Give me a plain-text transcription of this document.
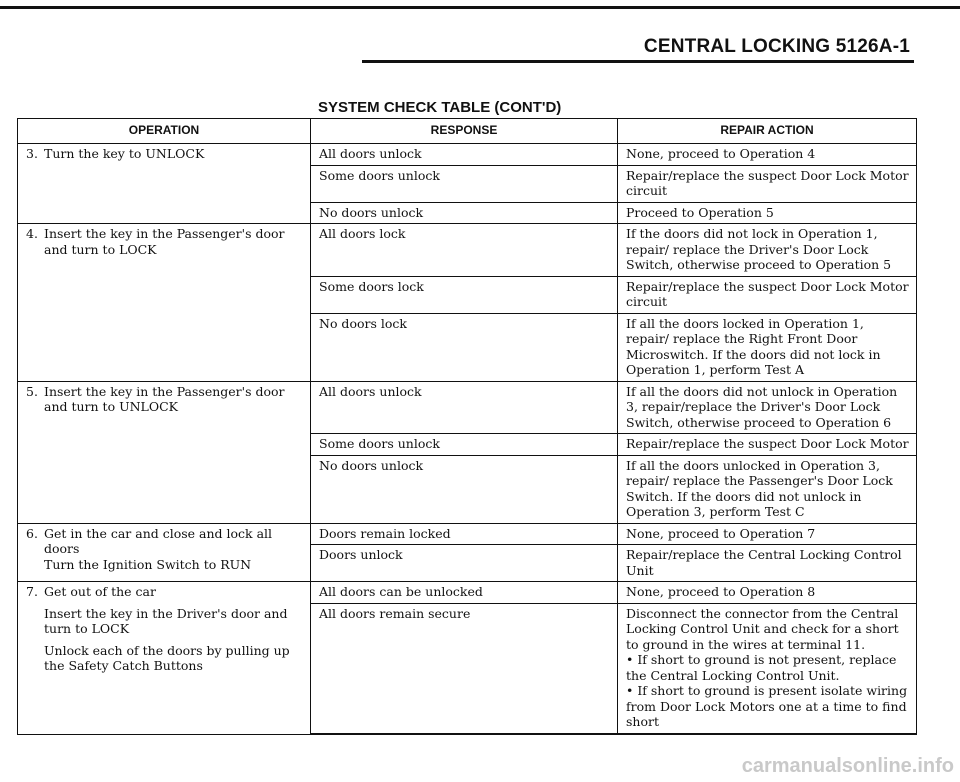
CENTRAL LOCKING 5126A-1
SYSTEM CHECK TABLE (CONT'D)
OPERATION	RESPONSE	REPAIR ACTION

3. Turn the key to UNLOCK	All doors unlock	None, proceed to Operation 4
	Some doors unlock	Repair/replace the suspect Door Lock Motor circuit
	No doors unlock	Proceed to Operation 5

4. Insert the key in the Passenger's door and turn to LOCK	All doors lock	If the doors did not lock in Operation 1, repair/ replace the Driver's Door Lock Switch, otherwise proceed to Operation 5
	Some doors lock	Repair/replace the suspect Door Lock Motor circuit
	No doors lock	If all the doors locked in Operation 1, repair/ replace the Right Front Door Microswitch. If the doors did not lock in Operation 1, perform Test A

5. Insert the key in the Passenger's door and turn to UNLOCK	All doors unlock	If all the doors did not unlock in Operation 3, repair/replace the Driver's Door Lock Switch, otherwise proceed to Operation 6
	Some doors unlock	Repair/replace the suspect Door Lock Motor
	No doors unlock	If all the doors unlocked in Operation 3, repair/ replace the Passenger's Door Lock Switch. If the doors did not unlock in Operation 3, perform Test C

6. Get in the car and close and lock all doors
Turn the Ignition Switch to RUN	Doors remain locked	None, proceed to Operation 7
	Doors unlock	Repair/replace the Central Locking Control Unit

7. Get out of the car
Insert the key in the Driver's door and turn to LOCK
Unlock each of the doors by pulling up the Safety Catch Buttons	All doors can be unlocked	None, proceed to Operation 8
	All doors remain secure	Disconnect the connector from the Central Locking Control Unit and check for a short to ground in the wires at terminal 11.
• If short to ground is not present, replace the Central Locking Control Unit.
• If short to ground is present isolate wiring from Door Lock Motors one at a time to find short

carmanualsonline.info
